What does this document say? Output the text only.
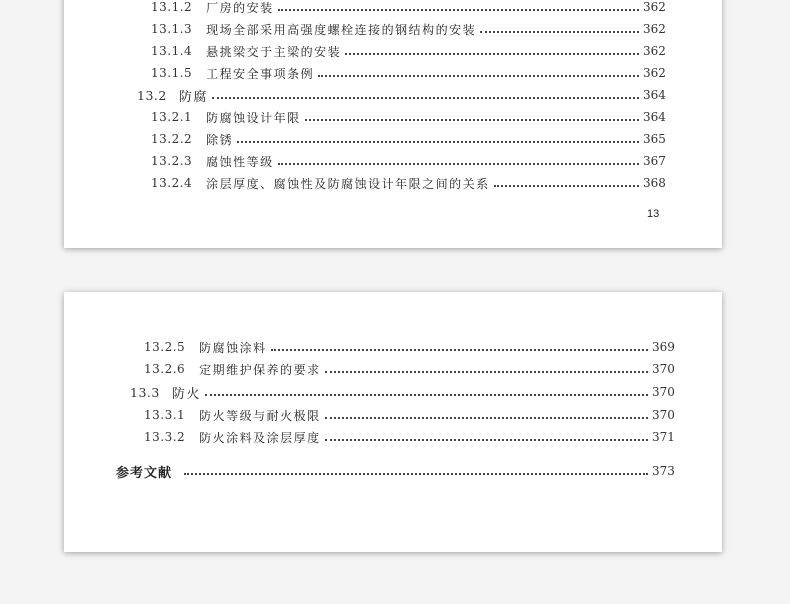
13.1.2 厂房的安装	362
13.1.3 现场全部采用高强度螺栓连接的钢结构的安装	362
13.1.4 悬挑梁交于主梁的安装	362
13.1.5 工程安全事项条例	362
13.2 防腐	364
13.2.1 防腐蚀设计年限	364
13.2.2 除锈	365
13.2.3 腐蚀性等级	367
13.2.4 涂层厚度、腐蚀性及防腐蚀设计年限之间的关系	368
13
13.2.5 防腐蚀涂料	369
13.2.6 定期维护保养的要求	370
13.3 防火	370
13.3.1 防火等级与耐火极限	370
13.3.2 防火涂料及涂层厚度	371
参考文献	373
